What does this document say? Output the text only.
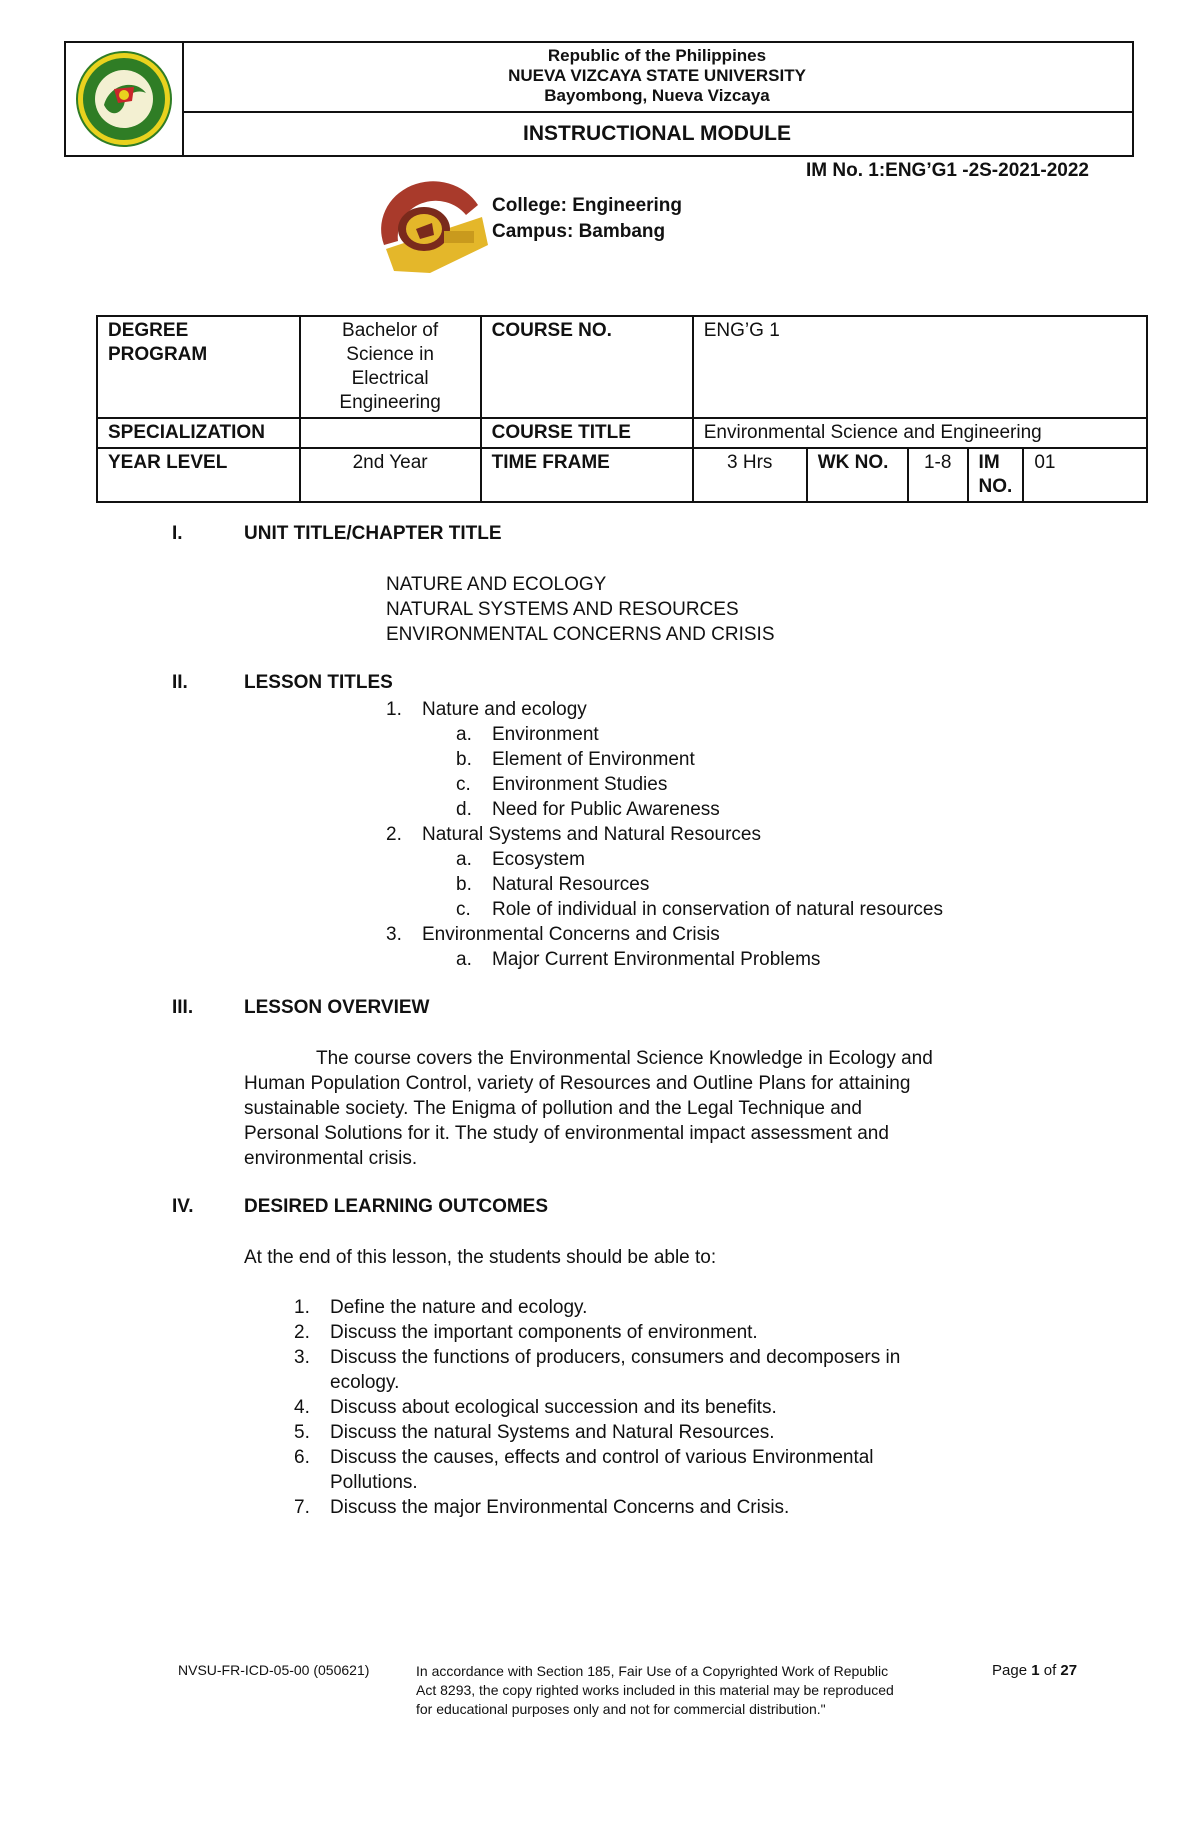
Republic of the Philippines
NUEVA VIZCAYA STATE UNIVERSITY
Bayombong, Nueva Vizcaya
INSTRUCTIONAL MODULE
IM No. 1:ENG’G1 -2S-2021-2022
College: Engineering
Campus: Bambang
DEGREE PROGRAM	Bachelor of Science in Electrical Engineering	COURSE NO.	ENG’G 1				
SPECIALIZATION		COURSE TITLE	Environmental Science and Engineering				
YEAR LEVEL	2nd Year	TIME FRAME	3 Hrs	WK NO.	1-8	IM NO.	01
I.	UNIT TITLE/CHAPTER TITLE
NATURE AND ECOLOGY
NATURAL SYSTEMS AND RESOURCES
ENVIRONMENTAL CONCERNS AND CRISIS
II.	LESSON TITLES
1. Nature and ecology
a. Environment
b. Element of Environment
c. Environment Studies
d. Need for Public Awareness
2. Natural Systems and Natural Resources
a. Ecosystem
b. Natural Resources
c. Role of individual in conservation of natural resources
3. Environmental Concerns and Crisis
a. Major Current Environmental Problems
III.	LESSON OVERVIEW
The course covers the Environmental Science Knowledge in Ecology and
Human Population Control, variety of Resources and Outline Plans for attaining
sustainable society. The Enigma of pollution and the Legal Technique and
Personal Solutions for it. The study of environmental impact assessment and
environmental crisis.
IV.	DESIRED LEARNING OUTCOMES
At the end of this lesson, the students should be able to:
1. Define the nature and ecology.
2. Discuss the important components of environment.
3. Discuss the functions of producers, consumers and decomposers in
ecology.
4. Discuss about ecological succession and its benefits.
5. Discuss the natural Systems and Natural Resources.
6. Discuss the causes, effects and control of various Environmental
Pollutions.
7. Discuss the major Environmental Concerns and Crisis.
NVSU-FR-ICD-05-00 (050621)	In accordance with Section 185, Fair Use of a Copyrighted Work of Republic
Act 8293, the copy righted works included in this material may be reproduced
for educational purposes only and not for commercial distribution."
Page 1 of 27
